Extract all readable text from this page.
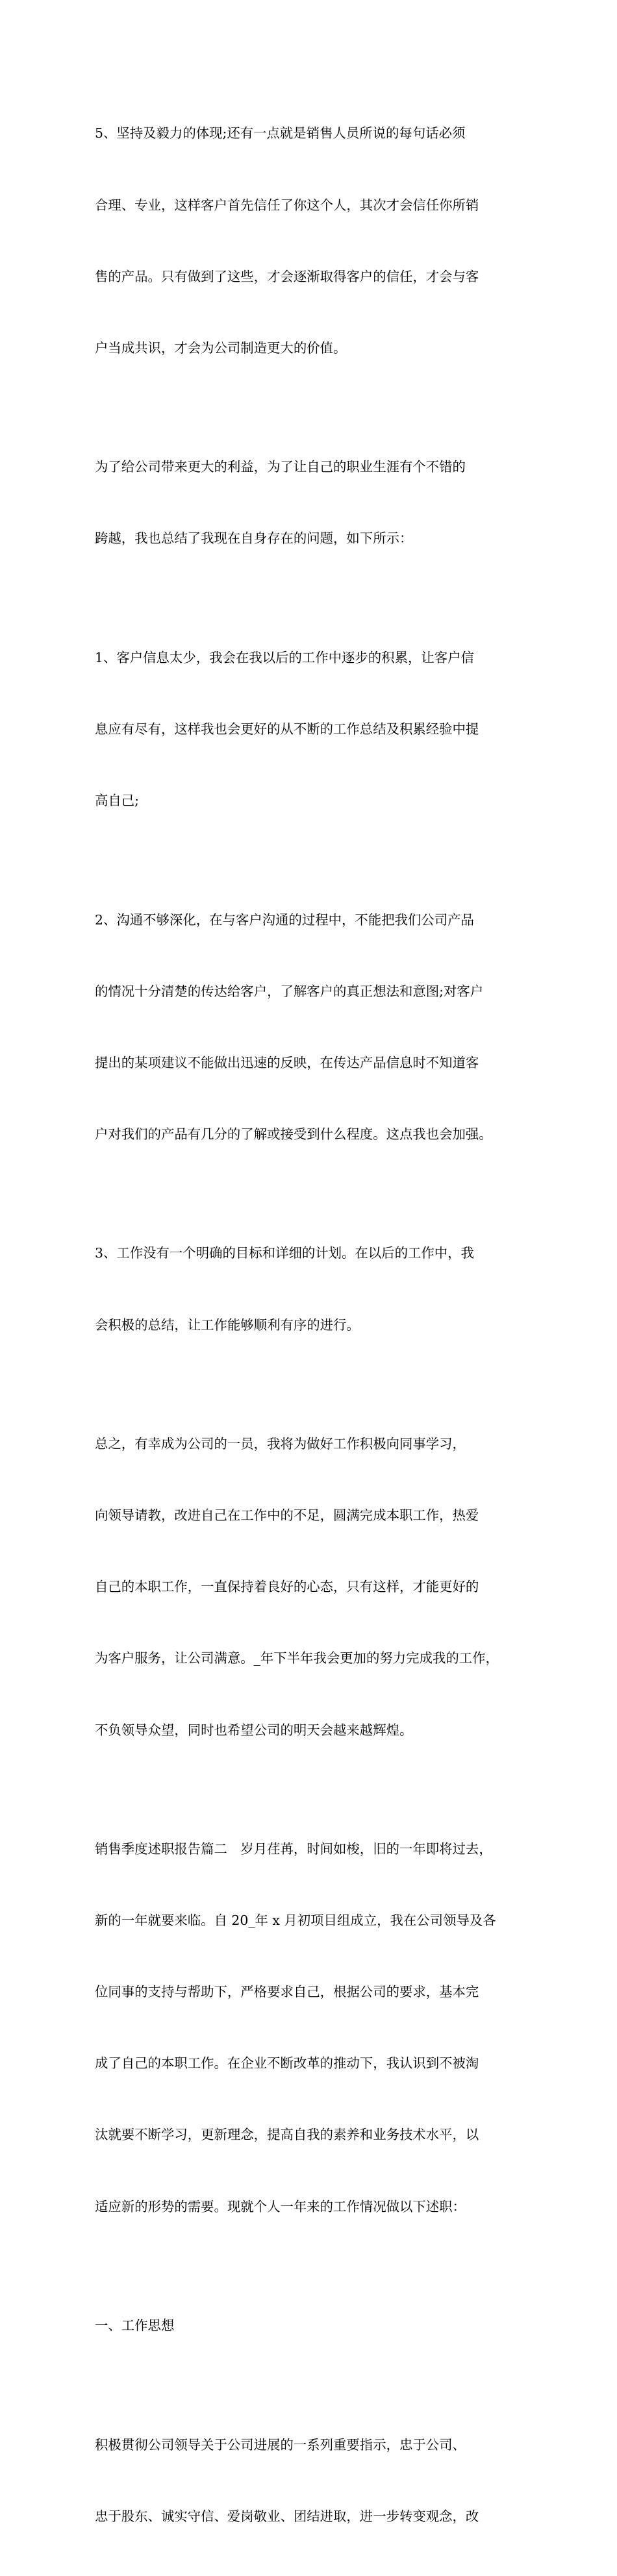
5、坚持及毅力的体现;还有一点就是销售人员所说的每句话必须

合理、专业，这样客户首先信任了你这个人，其次才会信任你所销

售的产品。只有做到了这些，才会逐渐取得客户的信任，才会与客

户当成共识，才会为公司制造更大的价值。

为了给公司带来更大的利益，为了让自己的职业生涯有个不错的

跨越，我也总结了我现在自身存在的问题，如下所示：

1、客户信息太少，我会在我以后的工作中逐步的积累，让客户信

息应有尽有，这样我也会更好的从不断的工作总结及积累经验中提

高自己;

2、沟通不够深化，在与客户沟通的过程中，不能把我们公司产品

的情况十分清楚的传达给客户，了解客户的真正想法和意图;对客户

提出的某项建议不能做出迅速的反映，在传达产品信息时不知道客

户对我们的产品有几分的了解或接受到什么程度。这点我也会加强。

3、工作没有一个明确的目标和详细的计划。在以后的工作中，我

会积极的总结，让工作能够顺利有序的进行。

总之，有幸成为公司的一员，我将为做好工作积极向同事学习，

向领导请教，改进自己在工作中的不足，圆满完成本职工作，热爱

自己的本职工作，一直保持着良好的心态，只有这样，才能更好的

为客户服务，让公司满意。_年下半年我会更加的努力完成我的工作，

不负领导众望，同时也希望公司的明天会越来越辉煌。

销售季度述职报告篇二　岁月荏苒，时间如梭，旧的一年即将过去，

新的一年就要来临。自 20_年 x 月初项目组成立，我在公司领导及各

位同事的支持与帮助下，严格要求自己，根据公司的要求，基本完

成了自己的本职工作。在企业不断改革的推动下，我认识到不被淘

汰就要不断学习，更新理念，提高自我的素养和业务技术水平，以

适应新的形势的需要。现就个人一年来的工作情况做以下述职：

一、工作思想

积极贯彻公司领导关于公司进展的一系列重要指示，忠于公司、

忠于股东、诚实守信、爱岗敬业、团结进取，进一步转变观念，改
